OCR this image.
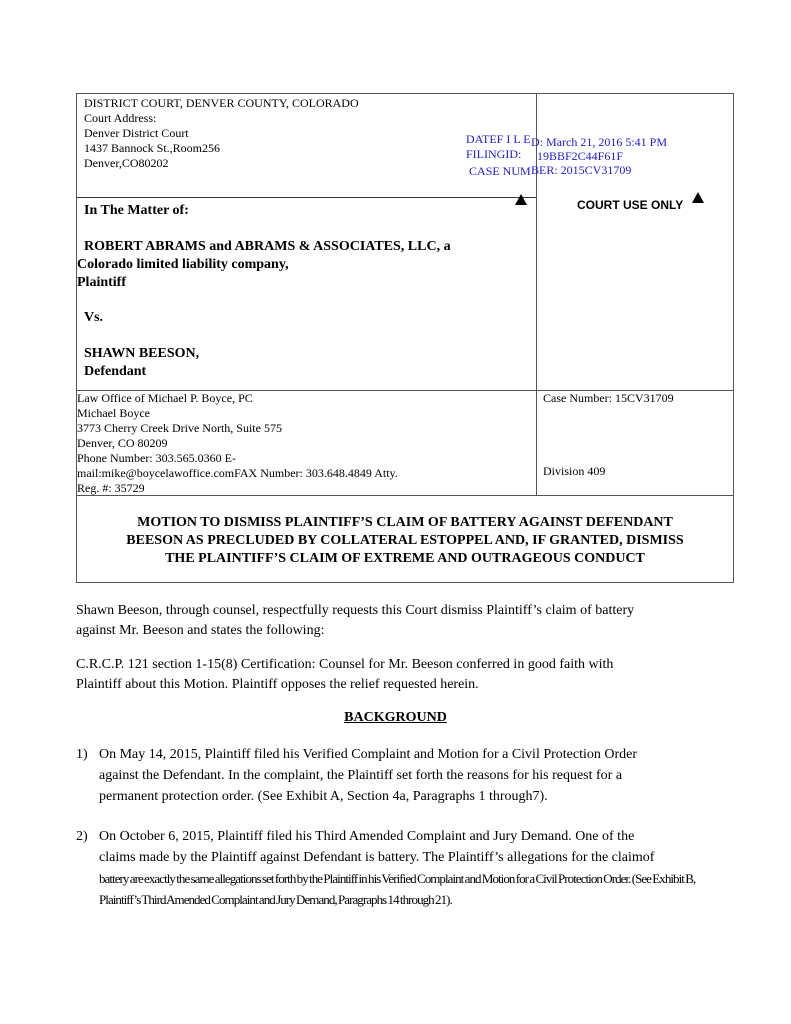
DISTRICT COURT, DENVER COUNTY, COLORADO
Court Address:
Denver District Court
1437 Bannock St.,Room256
Denver,CO80202
DATEF I L E D: March 21, 2016 5:41 PM
FILINGID: 19BBF2C44F61F
CASE NUM BER: 2015CV31709
COURT USE ONLY
In The Matter of:
ROBERT ABRAMS and ABRAMS & ASSOCIATES, LLC, a
Colorado limited liability company,
Plaintiff
Vs.
SHAWN BEESON,
Defendant
Law Office of Michael P. Boyce, PC
Michael Boyce
3773 Cherry Creek Drive North, Suite 575
Denver, CO 80209
Phone Number: 303.565.0360 E-
mail:mike@boycelawoffice.comFAX Number: 303.648.4849 Atty.
Reg. #: 35729
Case Number: 15CV31709
Division 409
MOTION TO DISMISS PLAINTIFF’S CLAIM OF BATTERY AGAINST DEFENDANT
BEESON AS PRECLUDED BY COLLATERAL ESTOPPEL AND, IF GRANTED, DISMISS
THE PLAINTIFF’S CLAIM OF EXTREME AND OUTRAGEOUS CONDUCT
Shawn Beeson, through counsel, respectfully requests this Court dismiss Plaintiff’s claim of battery
against Mr. Beeson and states the following:
C.R.C.P. 121 section 1-15(8) Certification: Counsel for Mr. Beeson conferred in good faith with
Plaintiff about this Motion. Plaintiff opposes the relief requested herein.
BACKGROUND
1) On May 14, 2015, Plaintiff filed his Verified Complaint and Motion for a Civil Protection Order
against the Defendant. In the complaint, the Plaintiff set forth the reasons for his request for a
permanent protection order. (See Exhibit A, Section 4a, Paragraphs 1 through7).
2) On October 6, 2015, Plaintiff filed his Third Amended Complaint and Jury Demand. One of the
claims made by the Plaintiff against Defendant is battery. The Plaintiff’s allegations for the claimof
battery are exactly the same allegations set forth by the Plaintiff in his Verified Complaint and Motion for a Civil Protection Order. (See Exhibit B,
Plaintiff’s Third Amended Complaint and Jury Demand, Paragraphs 14 through 21).
